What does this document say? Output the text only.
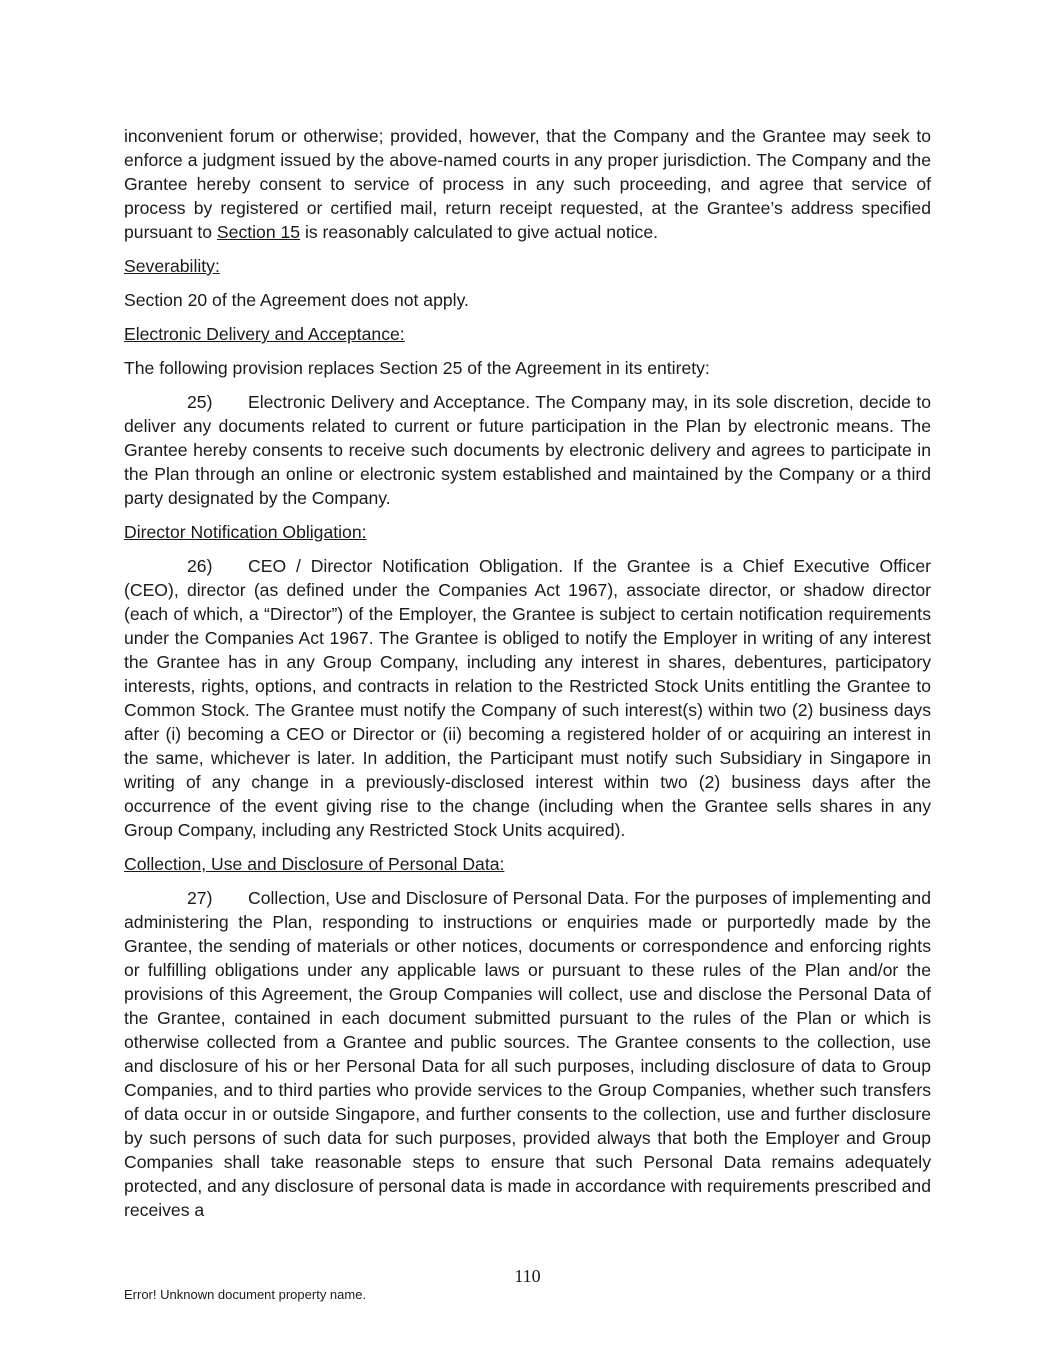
inconvenient forum or otherwise; provided, however, that the Company and the Grantee may seek to enforce a judgment issued by the above-named courts in any proper jurisdiction. The Company and the Grantee hereby consent to service of process in any such proceeding, and agree that service of process by registered or certified mail, return receipt requested, at the Grantee’s address specified pursuant to Section 15 is reasonably calculated to give actual notice.

Severability:

Section 20 of the Agreement does not apply.

Electronic Delivery and Acceptance:

The following provision replaces Section 25 of the Agreement in its entirety:

25) Electronic Delivery and Acceptance. The Company may, in its sole discretion, decide to deliver any documents related to current or future participation in the Plan by electronic means. The Grantee hereby consents to receive such documents by electronic delivery and agrees to participate in the Plan through an online or electronic system established and maintained by the Company or a third party designated by the Company.

Director Notification Obligation:

26) CEO / Director Notification Obligation. If the Grantee is a Chief Executive Officer (CEO), director (as defined under the Companies Act 1967), associate director, or shadow director (each of which, a “Director”) of the Employer, the Grantee is subject to certain notification requirements under the Companies Act 1967. The Grantee is obliged to notify the Employer in writing of any interest the Grantee has in any Group Company, including any interest in shares, debentures, participatory interests, rights, options, and contracts in relation to the Restricted Stock Units entitling the Grantee to Common Stock. The Grantee must notify the Company of such interest(s) within two (2) business days after (i) becoming a CEO or Director or (ii) becoming a registered holder of or acquiring an interest in the same, whichever is later. In addition, the Participant must notify such Subsidiary in Singapore in writing of any change in a previously-disclosed interest within two (2) business days after the occurrence of the event giving rise to the change (including when the Grantee sells shares in any Group Company, including any Restricted Stock Units acquired).

Collection, Use and Disclosure of Personal Data:

27) Collection, Use and Disclosure of Personal Data. For the purposes of implementing and administering the Plan, responding to instructions or enquiries made or purportedly made by the Grantee, the sending of materials or other notices, documents or correspondence and enforcing rights or fulfilling obligations under any applicable laws or pursuant to these rules of the Plan and/or the provisions of this Agreement, the Group Companies will collect, use and disclose the Personal Data of the Grantee, contained in each document submitted pursuant to the rules of the Plan or which is otherwise collected from a Grantee and public sources. The Grantee consents to the collection, use and disclosure of his or her Personal Data for all such purposes, including disclosure of data to Group Companies, and to third parties who provide services to the Group Companies, whether such transfers of data occur in or outside Singapore, and further consents to the collection, use and further disclosure by such persons of such data for such purposes, provided always that both the Employer and Group Companies shall take reasonable steps to ensure that such Personal Data remains adequately protected, and any disclosure of personal data is made in accordance with requirements prescribed and receives a

110
Error! Unknown document property name.
